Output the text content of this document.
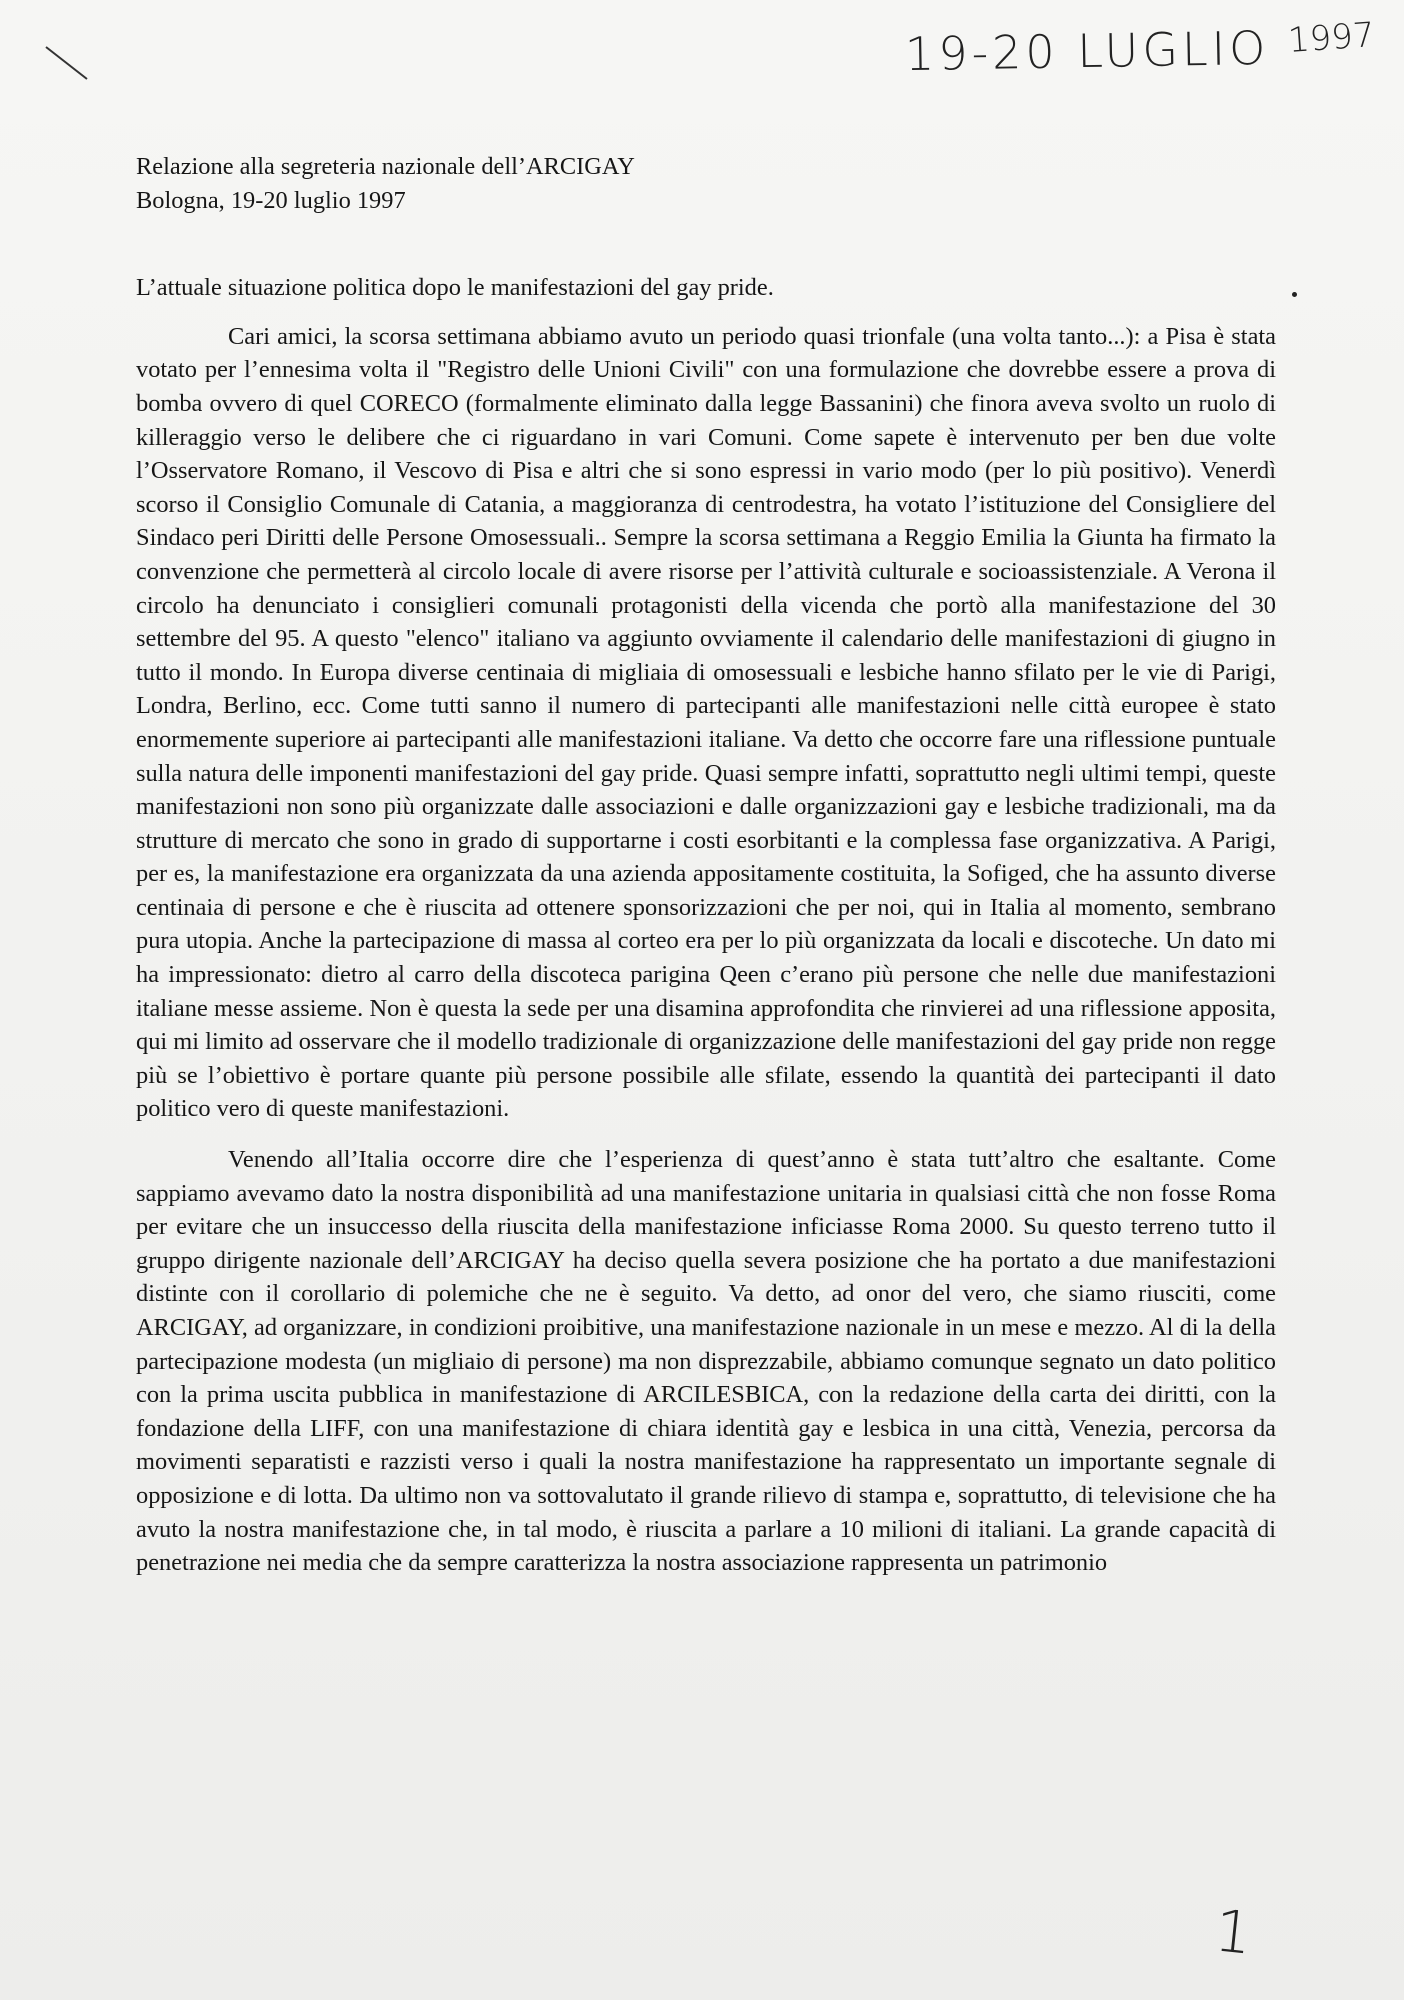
19-20 LUGLIO 1997

Relazione alla segreteria nazionale dell’ARCIGAY

Bologna, 19-20 luglio 1997

L’attuale situazione politica dopo le manifestazioni del gay pride.

Cari amici, la scorsa settimana abbiamo avuto un periodo quasi trionfale (una volta tanto...): a Pisa è stata votato per l’ennesima volta il "Registro delle Unioni Civili" con una formulazione che dovrebbe essere a prova di bomba ovvero di quel CORECO (formalmente eliminato dalla legge Bassanini) che finora aveva svolto un ruolo di killeraggio verso le delibere che ci riguardano in vari Comuni. Come sapete è intervenuto per ben due volte l’Osservatore Romano, il Vescovo di Pisa e altri che si sono espressi in vario modo (per lo più positivo). Venerdì scorso il Consiglio Comunale di Catania, a maggioranza di centrodestra, ha votato l’istituzione del Consigliere del Sindaco peri Diritti delle Persone Omosessuali.. Sempre la scorsa settimana a Reggio Emilia la Giunta ha firmato la convenzione che permetterà al circolo locale di avere risorse per l’attività culturale e socioassistenziale. A Verona il circolo ha denunciato i consiglieri comunali protagonisti della vicenda che portò alla manifestazione del 30 settembre del 95. A questo "elenco" italiano va aggiunto ovviamente il calendario delle manifestazioni di giugno in tutto il mondo. In Europa diverse centinaia di migliaia di omosessuali e lesbiche hanno sfilato per le vie di Parigi, Londra, Berlino, ecc. Come tutti sanno il numero di partecipanti alle manifestazioni nelle città europee è stato enormemente superiore ai partecipanti alle manifestazioni italiane. Va detto che occorre fare una riflessione puntuale sulla natura delle imponenti manifestazioni del gay pride. Quasi sempre infatti, soprattutto negli ultimi tempi, queste manifestazioni non sono più organizzate dalle associazioni e dalle organizzazioni gay e lesbiche tradizionali, ma da strutture di mercato che sono in grado di supportarne i costi esorbitanti e la complessa fase organizzativa. A Parigi, per es, la manifestazione era organizzata da una azienda appositamente costituita, la Sofiged, che ha assunto diverse centinaia di persone e che è riuscita ad ottenere sponsorizzazioni che per noi, qui in Italia al momento, sembrano pura utopia. Anche la partecipazione di massa al corteo era per lo più organizzata da locali e discoteche. Un dato mi ha impressionato: dietro al carro della discoteca parigina Qeen c’erano più persone che nelle due manifestazioni italiane messe assieme. Non è questa la sede per una disamina approfondita che rinvierei ad una riflessione apposita, qui mi limito ad osservare che il modello tradizionale di organizzazione delle manifestazioni del gay pride non regge più se l’obiettivo è portare quante più persone possibile alle sfilate, essendo la quantità dei partecipanti il dato politico vero di queste manifestazioni.

Venendo all’Italia occorre dire che l’esperienza di quest’anno è stata tutt’altro che esaltante. Come sappiamo avevamo dato la nostra disponibilità ad una manifestazione unitaria in qualsiasi città che non fosse Roma per evitare che un insuccesso della riuscita della manifestazione inficiasse Roma 2000. Su questo terreno tutto il gruppo dirigente nazionale dell’ARCIGAY ha deciso quella severa posizione che ha portato a due manifestazioni distinte con il corollario di polemiche che ne è seguito. Va detto, ad onor del vero, che siamo riusciti, come ARCIGAY, ad organizzare, in condizioni proibitive, una manifestazione nazionale in un mese e mezzo. Al di la della partecipazione modesta (un migliaio di persone) ma non disprezzabile, abbiamo comunque segnato un dato politico con la prima uscita pubblica in manifestazione di ARCILESBICA, con la redazione della carta dei diritti, con la fondazione della LIFF, con una manifestazione di chiara identità gay e lesbica in una città, Venezia, percorsa da movimenti separatisti e razzisti verso i quali la nostra manifestazione ha rappresentato un importante segnale di opposizione e di lotta. Da ultimo non va sottovalutato il grande rilievo di stampa e, soprattutto, di televisione che ha avuto la nostra manifestazione che, in tal modo, è riuscita a parlare a 10 milioni di italiani. La grande capacità di penetrazione nei media che da sempre caratterizza la nostra associazione rappresenta un patrimonio

1
